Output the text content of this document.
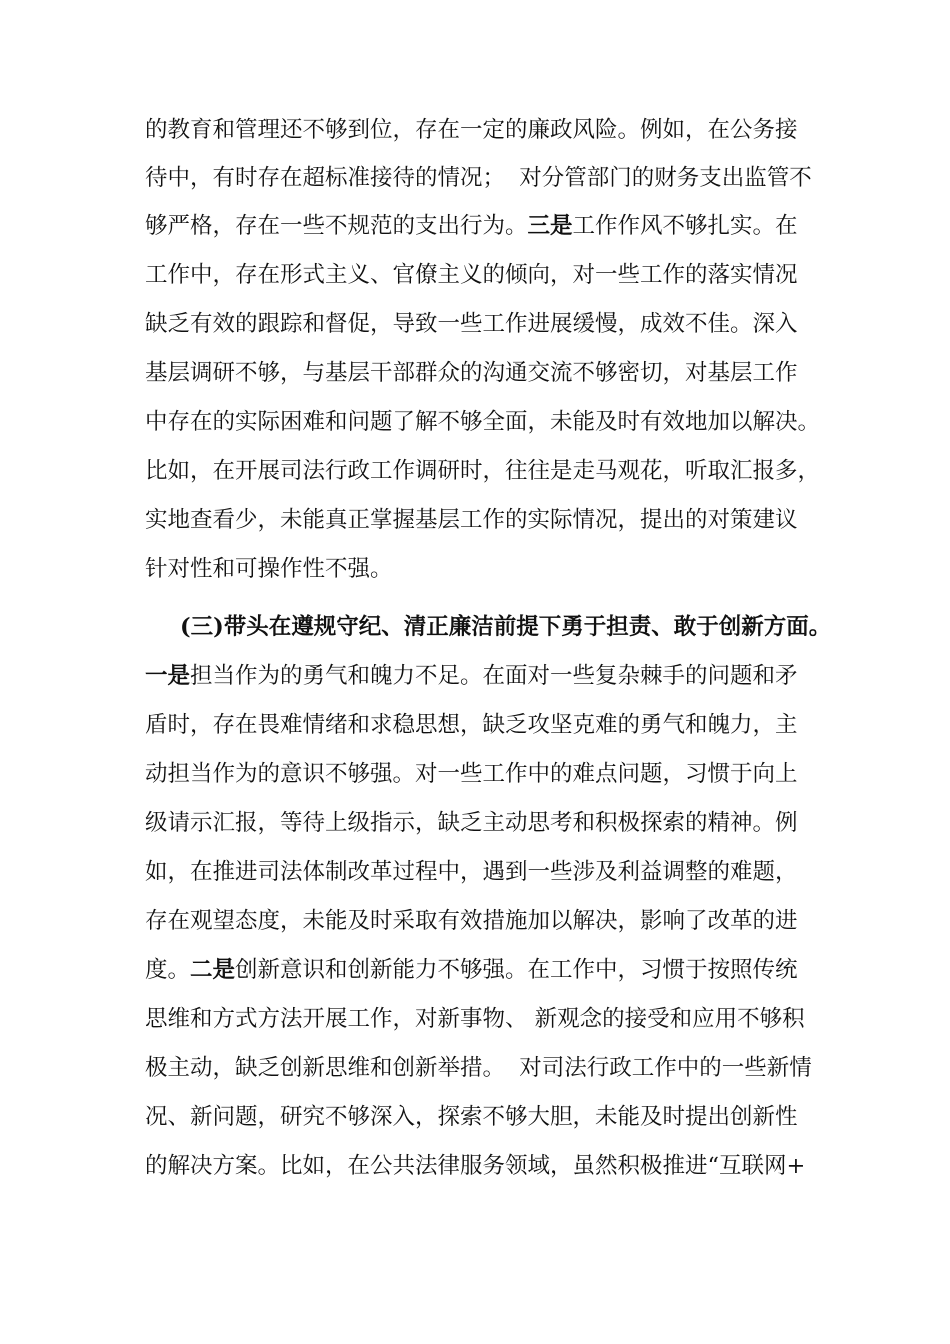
的教育和管理还不够到位，存在一定的廉政风险。例如，在公务接
待中，有时存在超标准接待的情况；  对分管部门的财务支出监管不
够严格，存在一些不规范的支出行为。三是工作作风不够扎实。在
工作中，存在形式主义、官僚主义的倾向，对一些工作的落实情况
缺乏有效的跟踪和督促，导致一些工作进展缓慢，成效不佳。深入
基层调研不够，与基层干部群众的沟通交流不够密切，对基层工作
中存在的实际困难和问题了解不够全面，未能及时有效地加以解决。
比如，在开展司法行政工作调研时，往往是走马观花，听取汇报多，
实地查看少，未能真正掌握基层工作的实际情况，提出的对策建议
针对性和可操作性不强。
(三)带头在遵规守纪、清正廉洁前提下勇于担责、敢于创新方面。
一是担当作为的勇气和魄力不足。在面对一些复杂棘手的问题和矛
盾时，存在畏难情绪和求稳思想，缺乏攻坚克难的勇气和魄力，主
动担当作为的意识不够强。对一些工作中的难点问题，习惯于向上
级请示汇报，等待上级指示，缺乏主动思考和积极探索的精神。例
如，在推进司法体制改革过程中，遇到一些涉及利益调整的难题，
存在观望态度，未能及时采取有效措施加以解决，影响了改革的进
度。二是创新意识和创新能力不够强。在工作中，习惯于按照传统
思维和方式方法开展工作，对新事物、 新观念的接受和应用不够积
极主动，缺乏创新思维和创新举措。  对司法行政工作中的一些新情
况、新问题，研究不够深入，探索不够大胆，未能及时提出创新性
的解决方案。比如，在公共法律服务领域，虽然积极推进“互联网+
